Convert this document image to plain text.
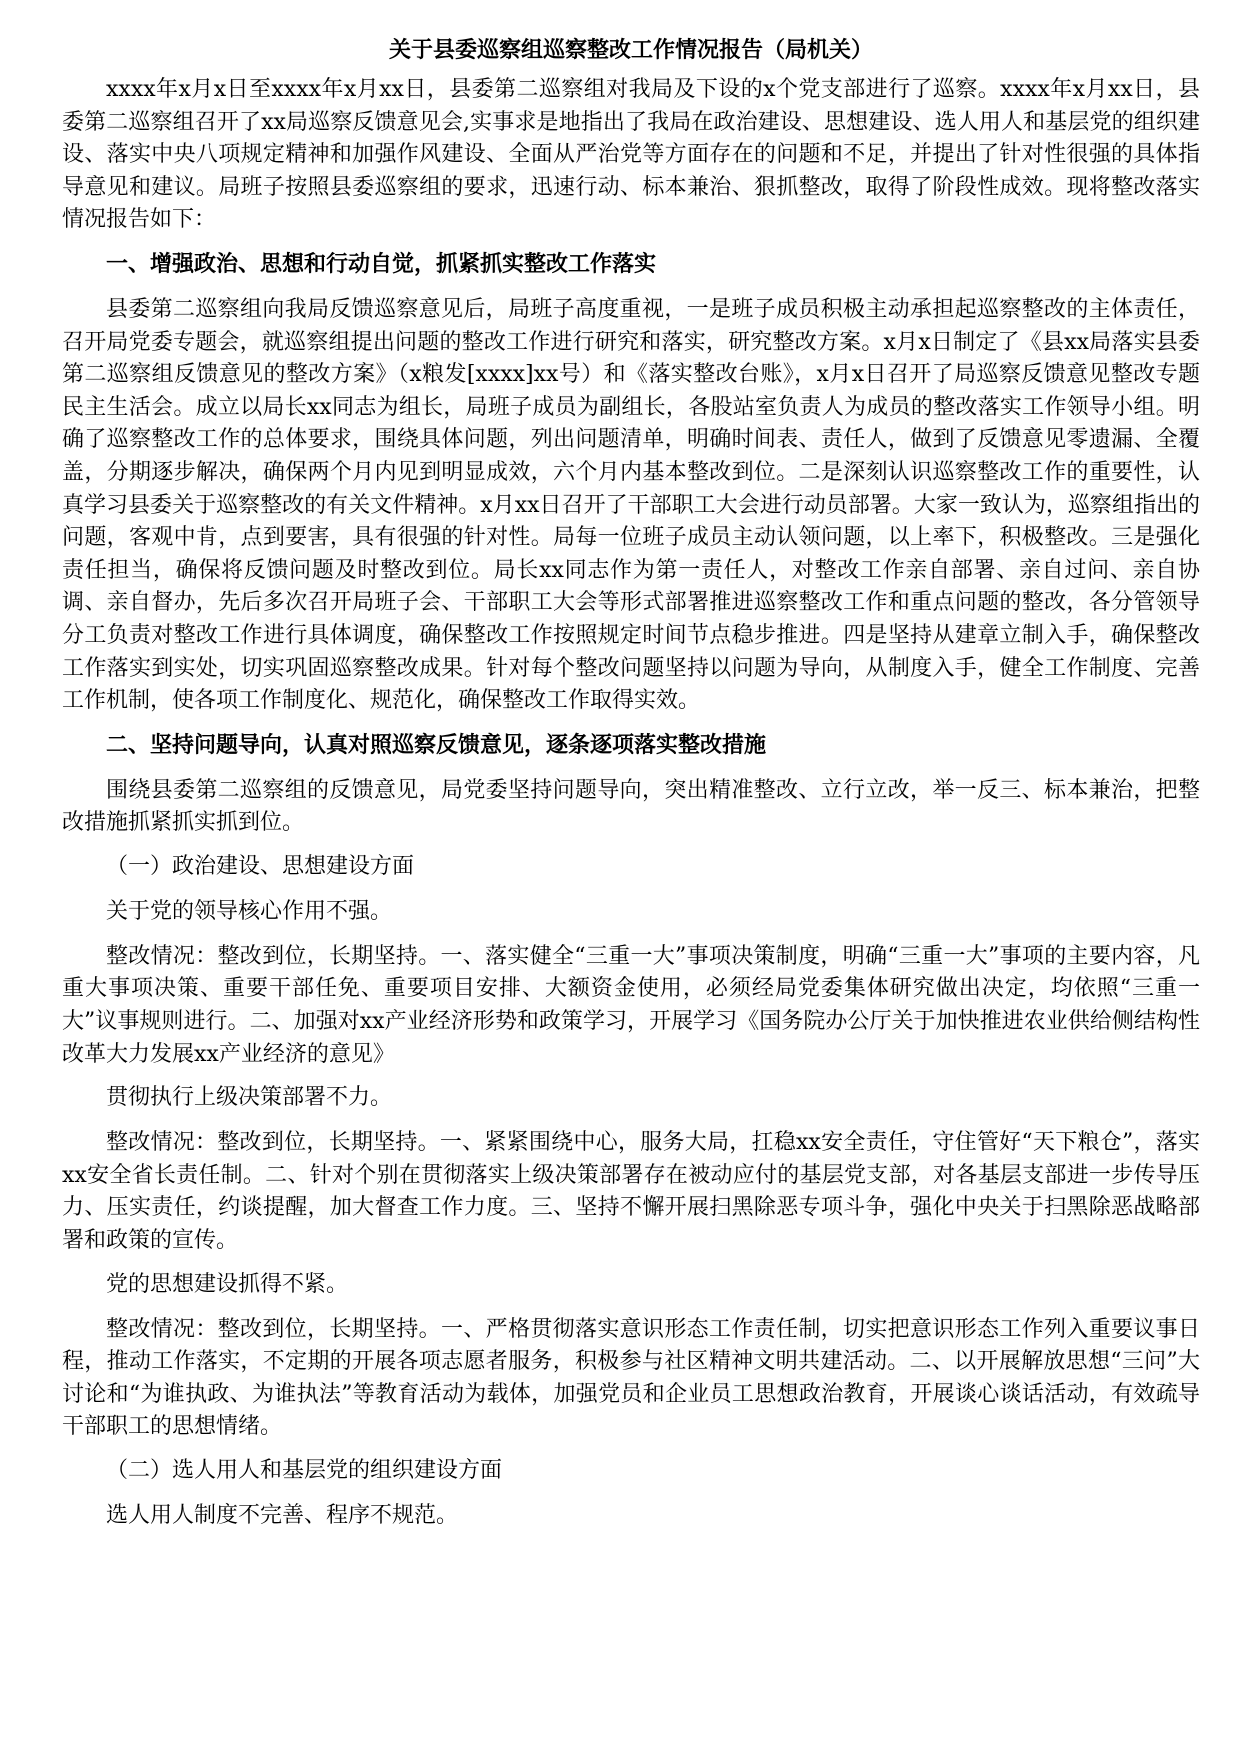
关于县委巡察组巡察整改工作情况报告（局机关）

xxxx年x月x日至xxxx年x月xx日，县委第二巡察组对我局及下设的x个党支部进行了巡察。xxxx年x月xx日，县委第二巡察组召开了xx局巡察反馈意见会,实事求是地指出了我局在政治建设、思想建设、选人用人和基层党的组织建设、落实中央八项规定精神和加强作风建设、全面从严治党等方面存在的问题和不足，并提出了针对性很强的具体指导意见和建议。局班子按照县委巡察组的要求，迅速行动、标本兼治、狠抓整改，取得了阶段性成效。现将整改落实情况报告如下：

一、增强政治、思想和行动自觉，抓紧抓实整改工作落实

县委第二巡察组向我局反馈巡察意见后，局班子高度重视，一是班子成员积极主动承担起巡察整改的主体责任，召开局党委专题会，就巡察组提出问题的整改工作进行研究和落实，研究整改方案。x月x日制定了《县xx局落实县委第二巡察组反馈意见的整改方案》（x粮发[xxxx]xx号）和《落实整改台账》，x月x日召开了局巡察反馈意见整改专题民主生活会。成立以局长xx同志为组长，局班子成员为副组长，各股站室负责人为成员的整改落实工作领导小组。明确了巡察整改工作的总体要求，围绕具体问题，列出问题清单，明确时间表、责任人，做到了反馈意见零遗漏、全覆盖，分期逐步解决，确保两个月内见到明显成效，六个月内基本整改到位。二是深刻认识巡察整改工作的重要性，认真学习县委关于巡察整改的有关文件精神。x月xx日召开了干部职工大会进行动员部署。大家一致认为，巡察组指出的问题，客观中肯，点到要害，具有很强的针对性。局每一位班子成员主动认领问题，以上率下，积极整改。三是强化责任担当，确保将反馈问题及时整改到位。局长xx同志作为第一责任人，对整改工作亲自部署、亲自过问、亲自协调、亲自督办，先后多次召开局班子会、干部职工大会等形式部署推进巡察整改工作和重点问题的整改，各分管领导分工负责对整改工作进行具体调度，确保整改工作按照规定时间节点稳步推进。四是坚持从建章立制入手，确保整改工作落实到实处，切实巩固巡察整改成果。针对每个整改问题坚持以问题为导向，从制度入手，健全工作制度、完善工作机制，使各项工作制度化、规范化，确保整改工作取得实效。

二、坚持问题导向，认真对照巡察反馈意见，逐条逐项落实整改措施

围绕县委第二巡察组的反馈意见，局党委坚持问题导向，突出精准整改、立行立改，举一反三、标本兼治，把整改措施抓紧抓实抓到位。

（一）政治建设、思想建设方面
关于党的领导核心作用不强。

整改情况：整改到位，长期坚持。一、落实健全“三重一大”事项决策制度，明确“三重一大”事项的主要内容，凡重大事项决策、重要干部任免、重要项目安排、大额资金使用，必须经局党委集体研究做出决定，均依照“三重一大”议事规则进行。二、加强对xx产业经济形势和政策学习，开展学习《国务院办公厅关于加快推进农业供给侧结构性改革大力发展xx产业经济的意见》

贯彻执行上级决策部署不力。

整改情况：整改到位，长期坚持。一、紧紧围绕中心，服务大局，扛稳xx安全责任，守住管好“天下粮仓”，落实xx安全省长责任制。二、针对个别在贯彻落实上级决策部署存在被动应付的基层党支部，对各基层支部进一步传导压力、压实责任，约谈提醒，加大督查工作力度。三、坚持不懈开展扫黑除恶专项斗争，强化中央关于扫黑除恶战略部署和政策的宣传。

党的思想建设抓得不紧。

整改情况：整改到位，长期坚持。一、严格贯彻落实意识形态工作责任制，切实把意识形态工作列入重要议事日程，推动工作落实，不定期的开展各项志愿者服务，积极参与社区精神文明共建活动。二、以开展解放思想“三问”大讨论和“为谁执政、为谁执法”等教育活动为载体，加强党员和企业员工思想政治教育，开展谈心谈话活动，有效疏导干部职工的思想情绪。

（二）选人用人和基层党的组织建设方面
选人用人制度不完善、程序不规范。
